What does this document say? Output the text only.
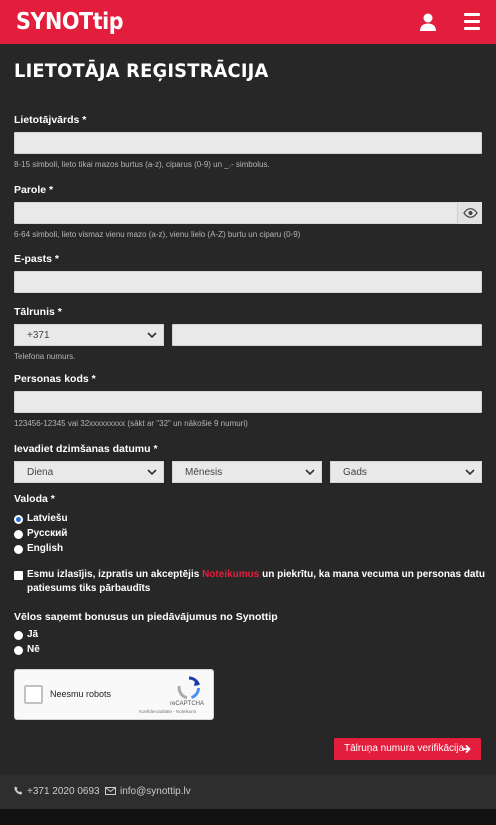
SYNOTtip
LIETOTĀJA REĢISTRĀCIJA
Lietotājvārds *
8-15 simboli, lieto tikai mazos burtus (a-z), ciparus (0-9) un _.- simbolus.
Parole *
6-64 simboli, lieto vismaz vienu mazo (a-z), vienu lielo (A-Z) burtu un ciparu (0-9)
E-pasts *
Tālrunis *
+371
Telefona numurs.
Personas kods *
123456-12345 vai 32xxxxxxxxx (sākt ar "32" un nākošie 9 numuri)
Ievadiet dzimšanas datumu *
Diena	Mēnesis	Gads
Valoda *
Latviešu
Русский
English
Esmu izlasījis, izpratis un akceptējis Noteikumus un piekrītu, ka mana vecuma un personas datu patiesums tiks pārbaudīts
Vēlos saņemt bonusus un piedāvājumus no Synottip
Jā
Nē
Neesmu robots
reCAPTCHA
Konfidencialitāte - Noteikumi
Tālruņa numura verifikācija
+371 2020 0693 info@synottip.lv
